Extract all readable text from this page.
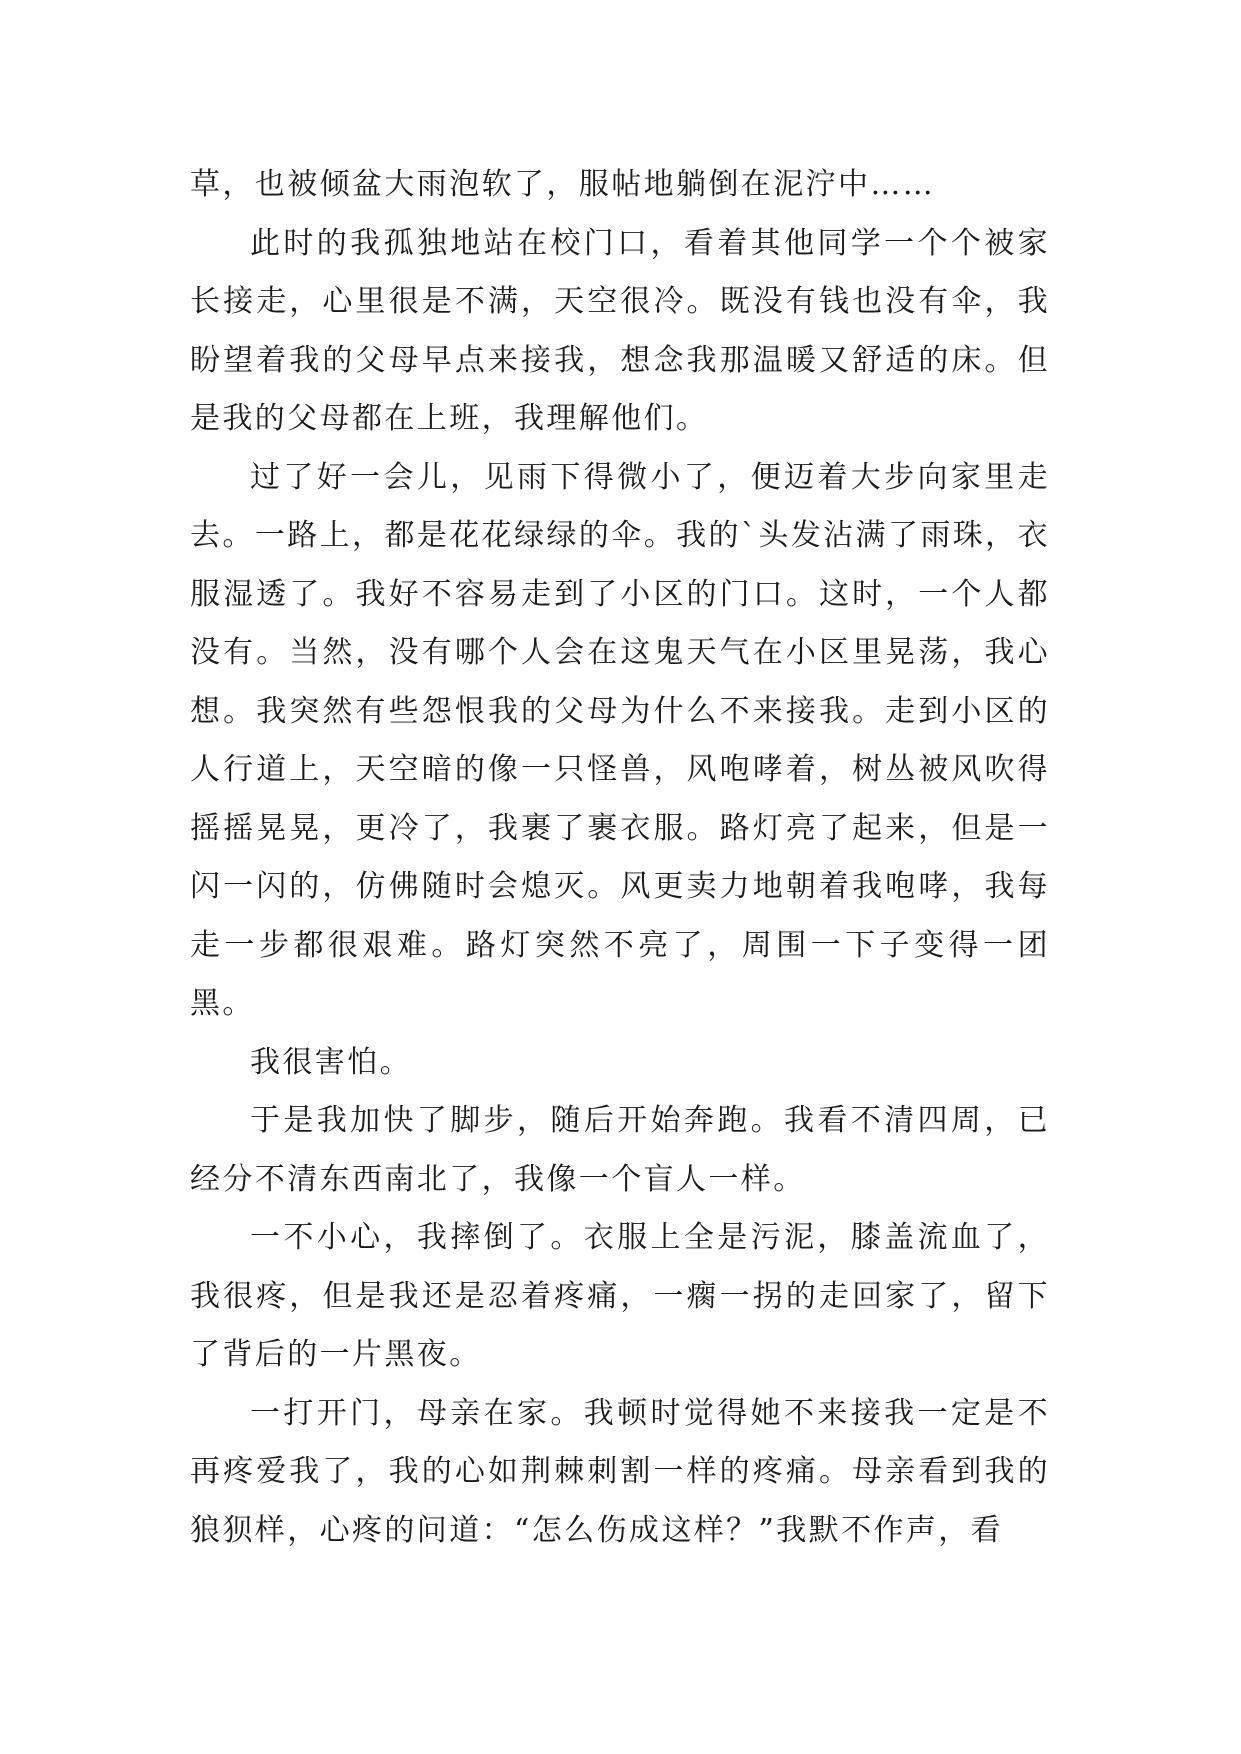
草，也被倾盆大雨泡软了，服帖地躺倒在泥泞中……

此时的我孤独地站在校门口，看着其他同学一个个被家长接走，心里很是不满，天空很冷。既没有钱也没有伞，我盼望着我的父母早点来接我，想念我那温暖又舒适的床。但是我的父母都在上班，我理解他们。

过了好一会儿，见雨下得微小了，便迈着大步向家里走去。一路上，都是花花绿绿的伞。我的`头发沾满了雨珠，衣服湿透了。我好不容易走到了小区的门口。这时，一个人都没有。当然，没有哪个人会在这鬼天气在小区里晃荡，我心想。我突然有些怨恨我的父母为什么不来接我。走到小区的人行道上，天空暗的像一只怪兽，风咆哮着，树丛被风吹得摇摇晃晃，更冷了，我裹了裹衣服。路灯亮了起来，但是一闪一闪的，仿佛随时会熄灭。风更卖力地朝着我咆哮，我每走一步都很艰难。路灯突然不亮了，周围一下子变得一团黑。

我很害怕。

于是我加快了脚步，随后开始奔跑。我看不清四周，已经分不清东西南北了，我像一个盲人一样。

一不小心，我摔倒了。衣服上全是污泥，膝盖流血了，我很疼，但是我还是忍着疼痛，一瘸一拐的走回家了，留下了背后的一片黑夜。

一打开门，母亲在家。我顿时觉得她不来接我一定是不再疼爱我了，我的心如荆棘刺割一样的疼痛。母亲看到我的狼狈样，心疼的问道：“怎么伤成这样？”我默不作声，看
